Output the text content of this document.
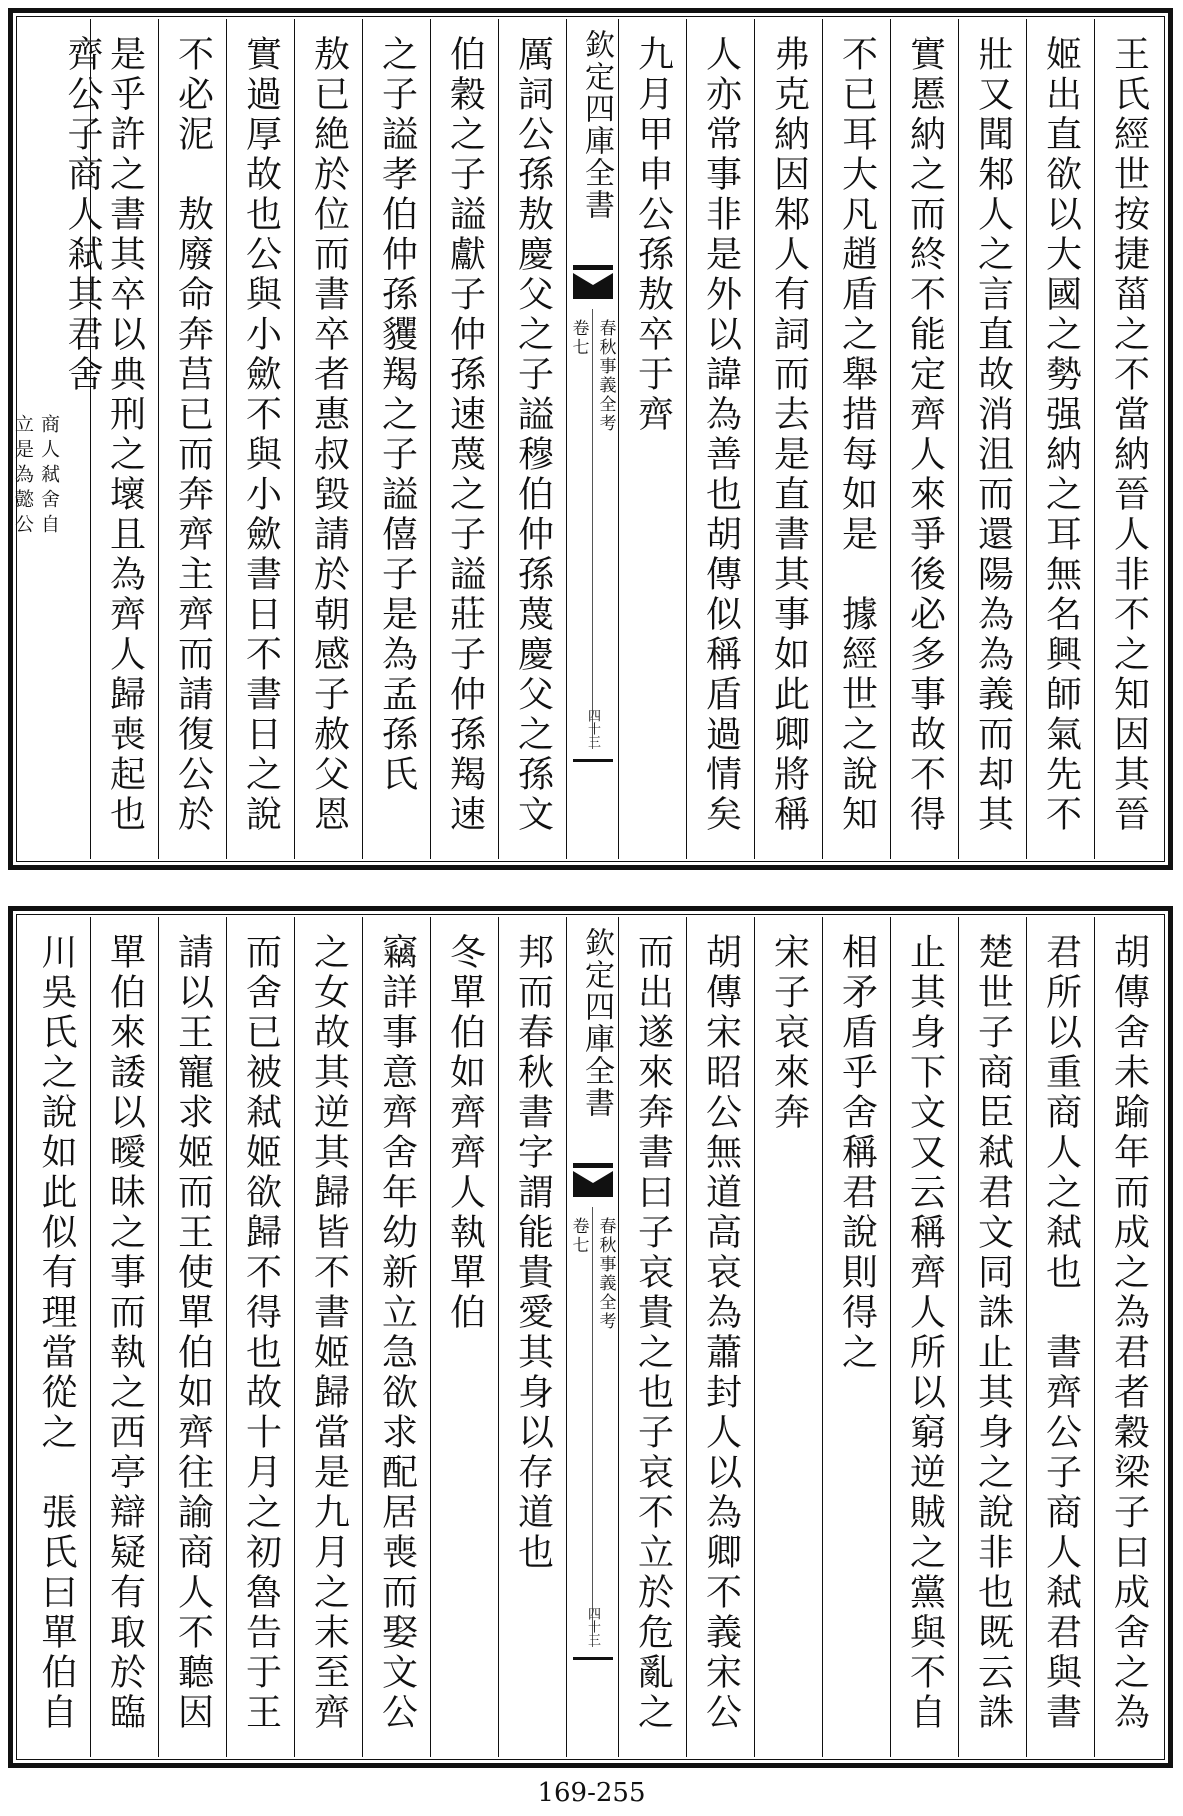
王氏經世按捷菑之不當納晉人非不之知因其晉
姬出直欲以大國之勢强納之耳無名興師氣先不
壯又聞邾人之言直故消沮而還陽為為義而却其
實慝納之而終不能定齊人來爭後必多事故不得
不已耳大凡趙盾之舉措每如是　據經世之說知
弗克納因邾人有詞而去是直書其事如此卿將稱
人亦常事非是外以諱為善也胡傳似稱盾過情矣
九月甲申公孫敖卒于齊
欽定四庫全書
春秋事義全考
卷七
四十三
厲詞公孫敖慶父之子謚穆伯仲孫蔑慶父之孫文
伯穀之子謚獻子仲孫速蔑之子謚莊子仲孫羯速
之子謚孝伯仲孫貜羯之子謚僖子是為孟孫氏
敖已絶於位而書卒者惠叔毀請於朝感子赦父恩
實過厚故也公與小歛不與小歛書日不書日之說
不必泥　敖廢命奔莒已而奔齊主齊而請復公於
是乎許之書其卒以典刑之壞且為齊人歸喪起也
齊公子商人弒其君舍
商人弒舍自
立是為懿公
胡傳舍未踰年而成之為君者穀梁子曰成舍之為
君所以重商人之弒也　書齊公子商人弒君與書
楚世子商臣弒君文同誅止其身之說非也既云誅
止其身下文又云稱齊人所以窮逆賊之黨與不自
相矛盾乎舍稱君說則得之
宋子哀來奔
胡傳宋昭公無道高哀為蕭封人以為卿不義宋公
而出遂來奔書曰子哀貴之也子哀不立於危亂之
欽定四庫全書
春秋事義全考
卷七
四十三
邦而春秋書字謂能貴愛其身以存道也
冬單伯如齊齊人執單伯
竊詳事意齊舍年幼新立急欲求配居喪而娶文公
之女故其逆其歸皆不書姬歸當是九月之末至齊
而舍已被弒姬欲歸不得也故十月之初魯告于王
請以王寵求姬而王使單伯如齊往諭商人不聽因
單伯來諉以曖昧之事而執之西亭辯疑有取於臨
川吳氏之說如此似有理當從之　張氏曰單伯自
169-255
